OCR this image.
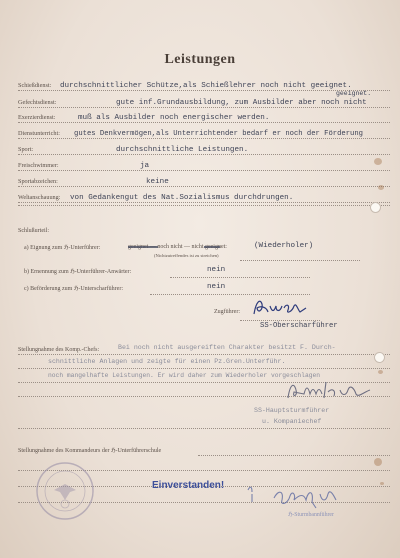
Leistungen
Schießdienst: durchschnittlicher Schütze,als Schießlehrer noch nicht geeignet.
Gefechtsdienst:	gute inf.Grundausbildung, zum Ausbilder aber noch nicht
geeignet.
Exerzierdienst:	muß als Ausbilder noch energischer werden.
Dienstunterricht: gutes Denkvermögen,als Unterrichtender bedarf er noch der Förderung
Sport:	durchschnittliche Leistungen.
Freischwimmer:	ja
Sportabzeichen:	keine
Weltanschauung: von Gedankengut des Nat.Sozialismus durchdrungen.
Schlußurteil:
a) Eignung zum ℌ-Unterführer:	geeignet — noch nicht — nicht geeignet:	(Wiederholer)
(Nichtzutreffendes ist zu streichen)
b) Ernennung zum ℌ-Unterführer-Anwärter:	nein
c) Beförderung zum ℌ-Unterscharführer:	nein
Zugführer:
SS-Oberscharführer
Stellungnahme des Komp.-Chefs:	Bei noch nicht ausgereiften Charakter besitzt F. Durch-
schnittliche Anlagen und zeigte für einen Pz.Gren.Unterführ.
noch mangelhafte Leistungen. Er wird daher zum Wiederholer vorgeschlagen
SS-Hauptsturmführer
u. Kompaniechef
Stellungnahme des Kommandeurs der ℌ-Unterführerschule
Einverstanden!
ℌ-Sturmbannführer
